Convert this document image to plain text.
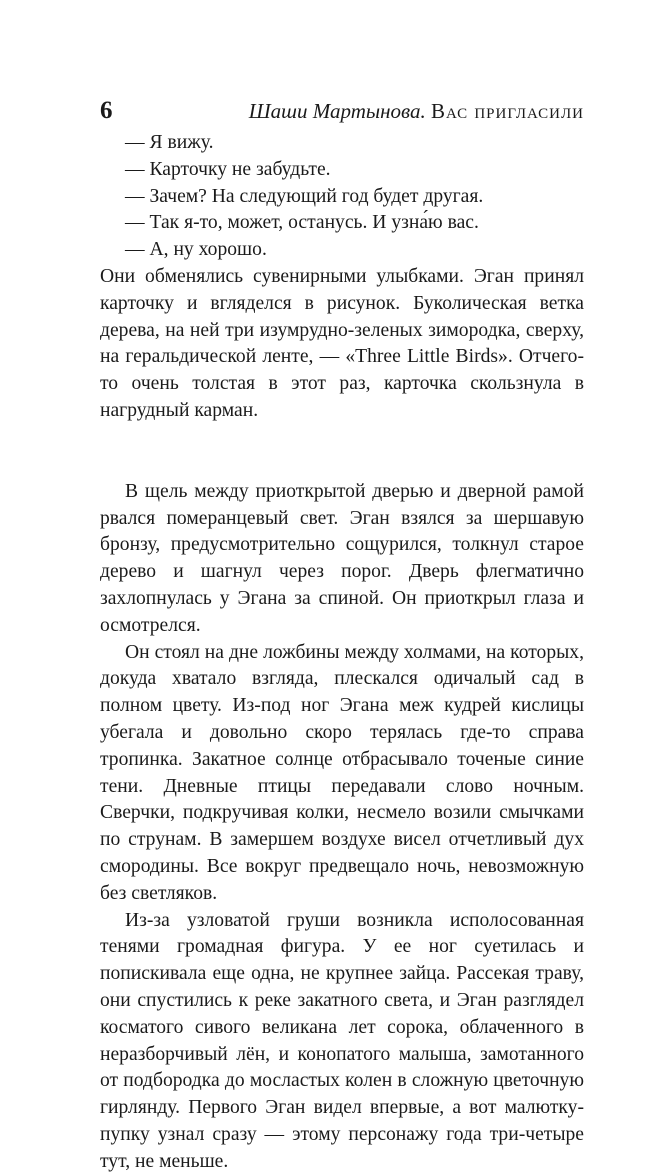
6	Шаши Мартынова. Вас пригласили

— Я вижу.

— Карточку не забудьте.

— Зачем? На следующий год будет другая.

— Так я-то, может, останусь. И узна́ю вас.

— А, ну хорошо.

Они обменялись сувенирными улыбками. Эган принял карточку и вгляделся в рисунок. Буколическая ветка дерева, на ней три изумрудно-зеленых зимородка, сверху, на геральдической ленте, — «Three Little Birds». Отчего-то очень толстая в этот раз, карточка скользнула в нагрудный карман.

В щель между приоткрытой дверью и дверной рамой рвался померанцевый свет. Эган взялся за шершавую бронзу, предусмотрительно сощурился, толкнул старое дерево и шагнул через порог. Дверь флегматично захлопнулась у Эгана за спиной. Он приоткрыл глаза и осмотрелся.

Он стоял на дне ложбины между холмами, на которых, докуда хватало взгляда, плескался одичалый сад в полном цвету. Из-под ног Эгана меж кудрей кислицы убегала и довольно скоро терялась где-то справа тропинка. Закатное солнце отбрасывало точеные синие тени. Дневные птицы передавали слово ночным. Сверчки, подкручивая колки, несмело возили смычками по струнам. В замершем воздухе висел отчетливый дух смородины. Все вокруг предвещало ночь, невозможную без светляков.

Из-за узловатой груши возникла исполосованная тенями громадная фигура. У ее ног суетилась и попискивала еще одна, не крупнее зайца. Рассекая траву, они спустились к реке закатного света, и Эган разглядел косматого сивого великана лет сорока, облаченного в неразборчивый лён, и конопатого малыша, замотанного от подбородка до мосластых колен в сложную цветочную гирлянду. Первого Эган видел впервые, а вот малютку-пупку узнал сразу — этому персонажу года три-четыре тут, не меньше.
